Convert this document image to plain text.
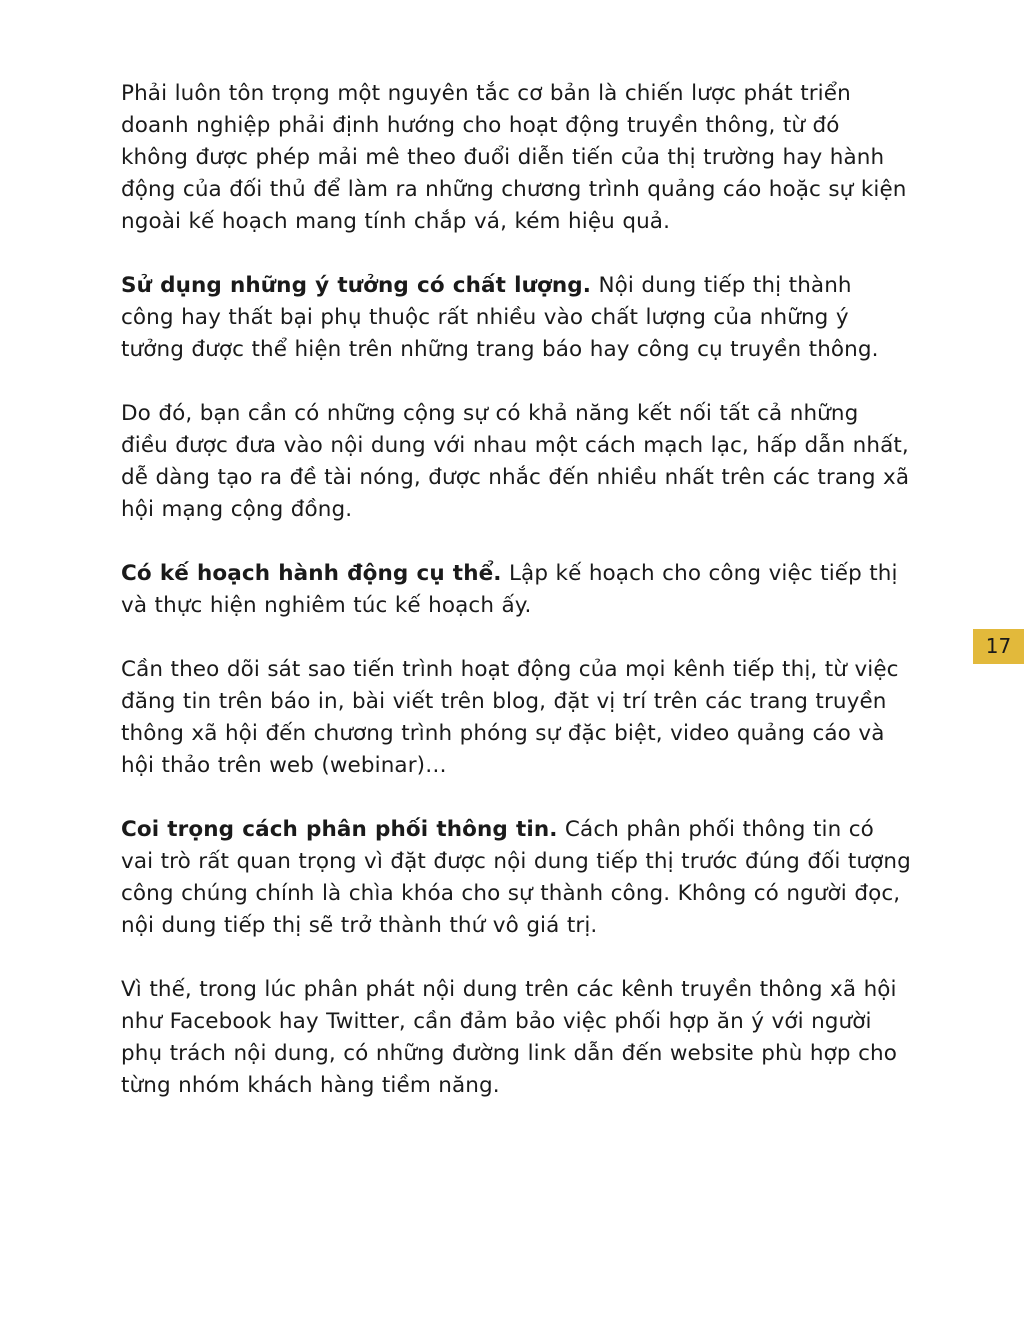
Phải luôn tôn trọng một nguyên tắc cơ bản là chiến lược phát triển doanh nghiệp phải định hướng cho hoạt động truyền thông, từ đó không được phép mải mê theo đuổi diễn tiến của thị trường hay hành động của đối thủ để làm ra những chương trình quảng cáo hoặc sự kiện ngoài kế hoạch mang tính chắp vá, kém hiệu quả.

Sử dụng những ý tưởng có chất lượng. Nội dung tiếp thị thành công hay thất bại phụ thuộc rất nhiều vào chất lượng của những ý tưởng được thể hiện trên những trang báo hay công cụ truyền thông.

Do đó, bạn cần có những cộng sự có khả năng kết nối tất cả những điều được đưa vào nội dung với nhau một cách mạch lạc, hấp dẫn nhất, dễ dàng tạo ra đề tài nóng, được nhắc đến nhiều nhất trên các trang xã hội mạng cộng đồng.

Có kế hoạch hành động cụ thể. Lập kế hoạch cho công việc tiếp thị và thực hiện nghiêm túc kế hoạch ấy.

Cần theo dõi sát sao tiến trình hoạt động của mọi kênh tiếp thị, từ việc đăng tin trên báo in, bài viết trên blog, đặt vị trí trên các trang truyền thông xã hội đến chương trình phóng sự đặc biệt, video quảng cáo và hội thảo trên web (webinar)…

Coi trọng cách phân phối thông tin. Cách phân phối thông tin có vai trò rất quan trọng vì đặt được nội dung tiếp thị trước đúng đối tượng công chúng chính là chìa khóa cho sự thành công. Không có người đọc, nội dung tiếp thị sẽ trở thành thứ vô giá trị.

Vì thế, trong lúc phân phát nội dung trên các kênh truyền thông xã hội như Facebook hay Twitter, cần đảm bảo việc phối hợp ăn ý với người phụ trách nội dung, có những đường link dẫn đến website phù hợp cho từng nhóm khách hàng tiềm năng.

17
